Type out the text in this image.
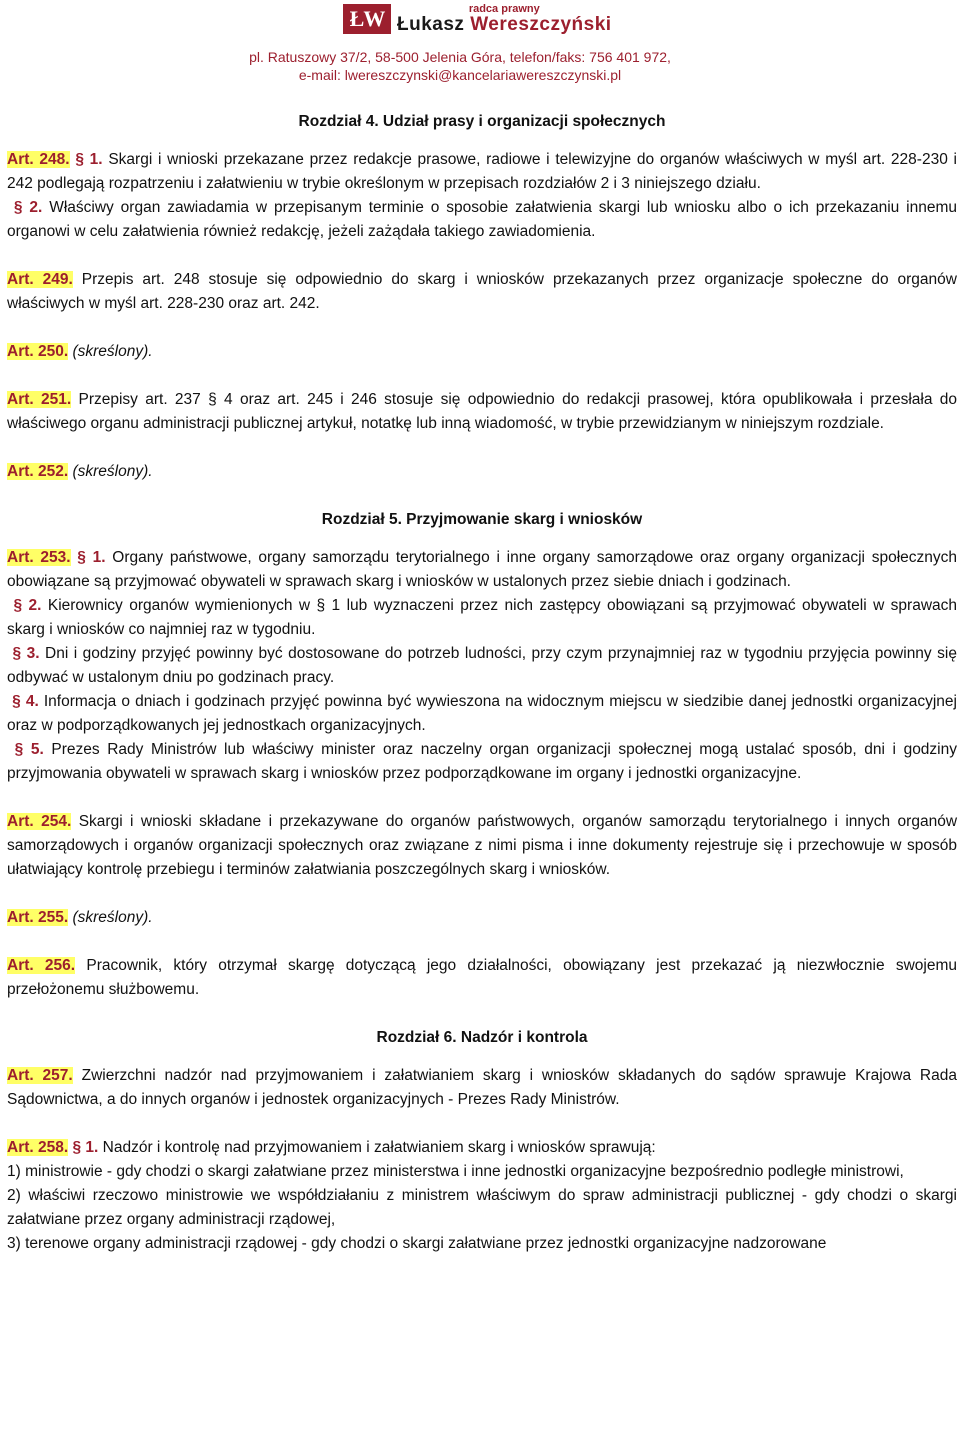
ŁW	radca prawny
Łukasz Wereszczyński
pl. Ratuszowy 37/2, 58-500 Jelenia Góra, telefon/faks: 756 401 972,
e-mail: lwereszczynski@kancelariawereszczynski.pl
Rozdział 4. Udział prasy i organizacji społecznych

Art. 248. § 1. Skargi i wnioski przekazane przez redakcje prasowe, radiowe i telewizyjne do organów właściwych w myśl art. 228-230 i 242 podlegają rozpatrzeniu i załatwieniu w trybie określonym w przepisach rozdziałów 2 i 3 niniejszego działu.

§ 2. Właściwy organ zawiadamia w przepisanym terminie o sposobie załatwienia skargi lub wniosku albo o ich przekazaniu innemu organowi w celu załatwienia również redakcję, jeżeli zażądała takiego zawiadomienia.

Art. 249. Przepis art. 248 stosuje się odpowiednio do skarg i wniosków przekazanych przez organizacje społeczne do organów właściwych w myśl art. 228-230 oraz art. 242.

Art. 250. (skreślony).

Art. 251. Przepisy art. 237 § 4 oraz art. 245 i 246 stosuje się odpowiednio do redakcji prasowej, która opublikowała i przesłała do właściwego organu administracji publicznej artykuł, notatkę lub inną wiadomość, w trybie przewidzianym w niniejszym rozdziale.

Art. 252. (skreślony).

Rozdział 5. Przyjmowanie skarg i wniosków

Art. 253. § 1. Organy państwowe, organy samorządu terytorialnego i inne organy samorządowe oraz organy organizacji społecznych obowiązane są przyjmować obywateli w sprawach skarg i wniosków w ustalonych przez siebie dniach i godzinach.

§ 2. Kierownicy organów wymienionych w § 1 lub wyznaczeni przez nich zastępcy obowiązani są przyjmować obywateli w sprawach skarg i wniosków co najmniej raz w tygodniu.

§ 3. Dni i godziny przyjęć powinny być dostosowane do potrzeb ludności, przy czym przynajmniej raz w tygodniu przyjęcia powinny się odbywać w ustalonym dniu po godzinach pracy.

§ 4. Informacja o dniach i godzinach przyjęć powinna być wywieszona na widocznym miejscu w siedzibie danej jednostki organizacyjnej oraz w podporządkowanych jej jednostkach organizacyjnych.

§ 5. Prezes Rady Ministrów lub właściwy minister oraz naczelny organ organizacji społecznej mogą ustalać sposób, dni i godziny przyjmowania obywateli w sprawach skarg i wniosków przez podporządkowane im organy i jednostki organizacyjne.

Art. 254. Skargi i wnioski składane i przekazywane do organów państwowych, organów samorządu terytorialnego i innych organów samorządowych i organów organizacji społecznych oraz związane z nimi pisma i inne dokumenty rejestruje się i przechowuje w sposób ułatwiający kontrolę przebiegu i terminów załatwiania poszczególnych skarg i wniosków.

Art. 255. (skreślony).

Art. 256. Pracownik, który otrzymał skargę dotyczącą jego działalności, obowiązany jest przekazać ją niezwłocznie swojemu przełożonemu służbowemu.

Rozdział 6. Nadzór i kontrola

Art. 257. Zwierzchni nadzór nad przyjmowaniem i załatwianiem skarg i wniosków składanych do sądów sprawuje Krajowa Rada Sądownictwa, a do innych organów i jednostek organizacyjnych - Prezes Rady Ministrów.

Art. 258. § 1. Nadzór i kontrolę nad przyjmowaniem i załatwianiem skarg i wniosków sprawują:

1) ministrowie - gdy chodzi o skargi załatwiane przez ministerstwa i inne jednostki organizacyjne bezpośrednio podległe ministrowi,

2) właściwi rzeczowo ministrowie we współdziałaniu z ministrem właściwym do spraw administracji publicznej - gdy chodzi o skargi załatwiane przez organy administracji rządowej,

3) terenowe organy administracji rządowej - gdy chodzi o skargi załatwiane przez jednostki organizacyjne nadzorowane
